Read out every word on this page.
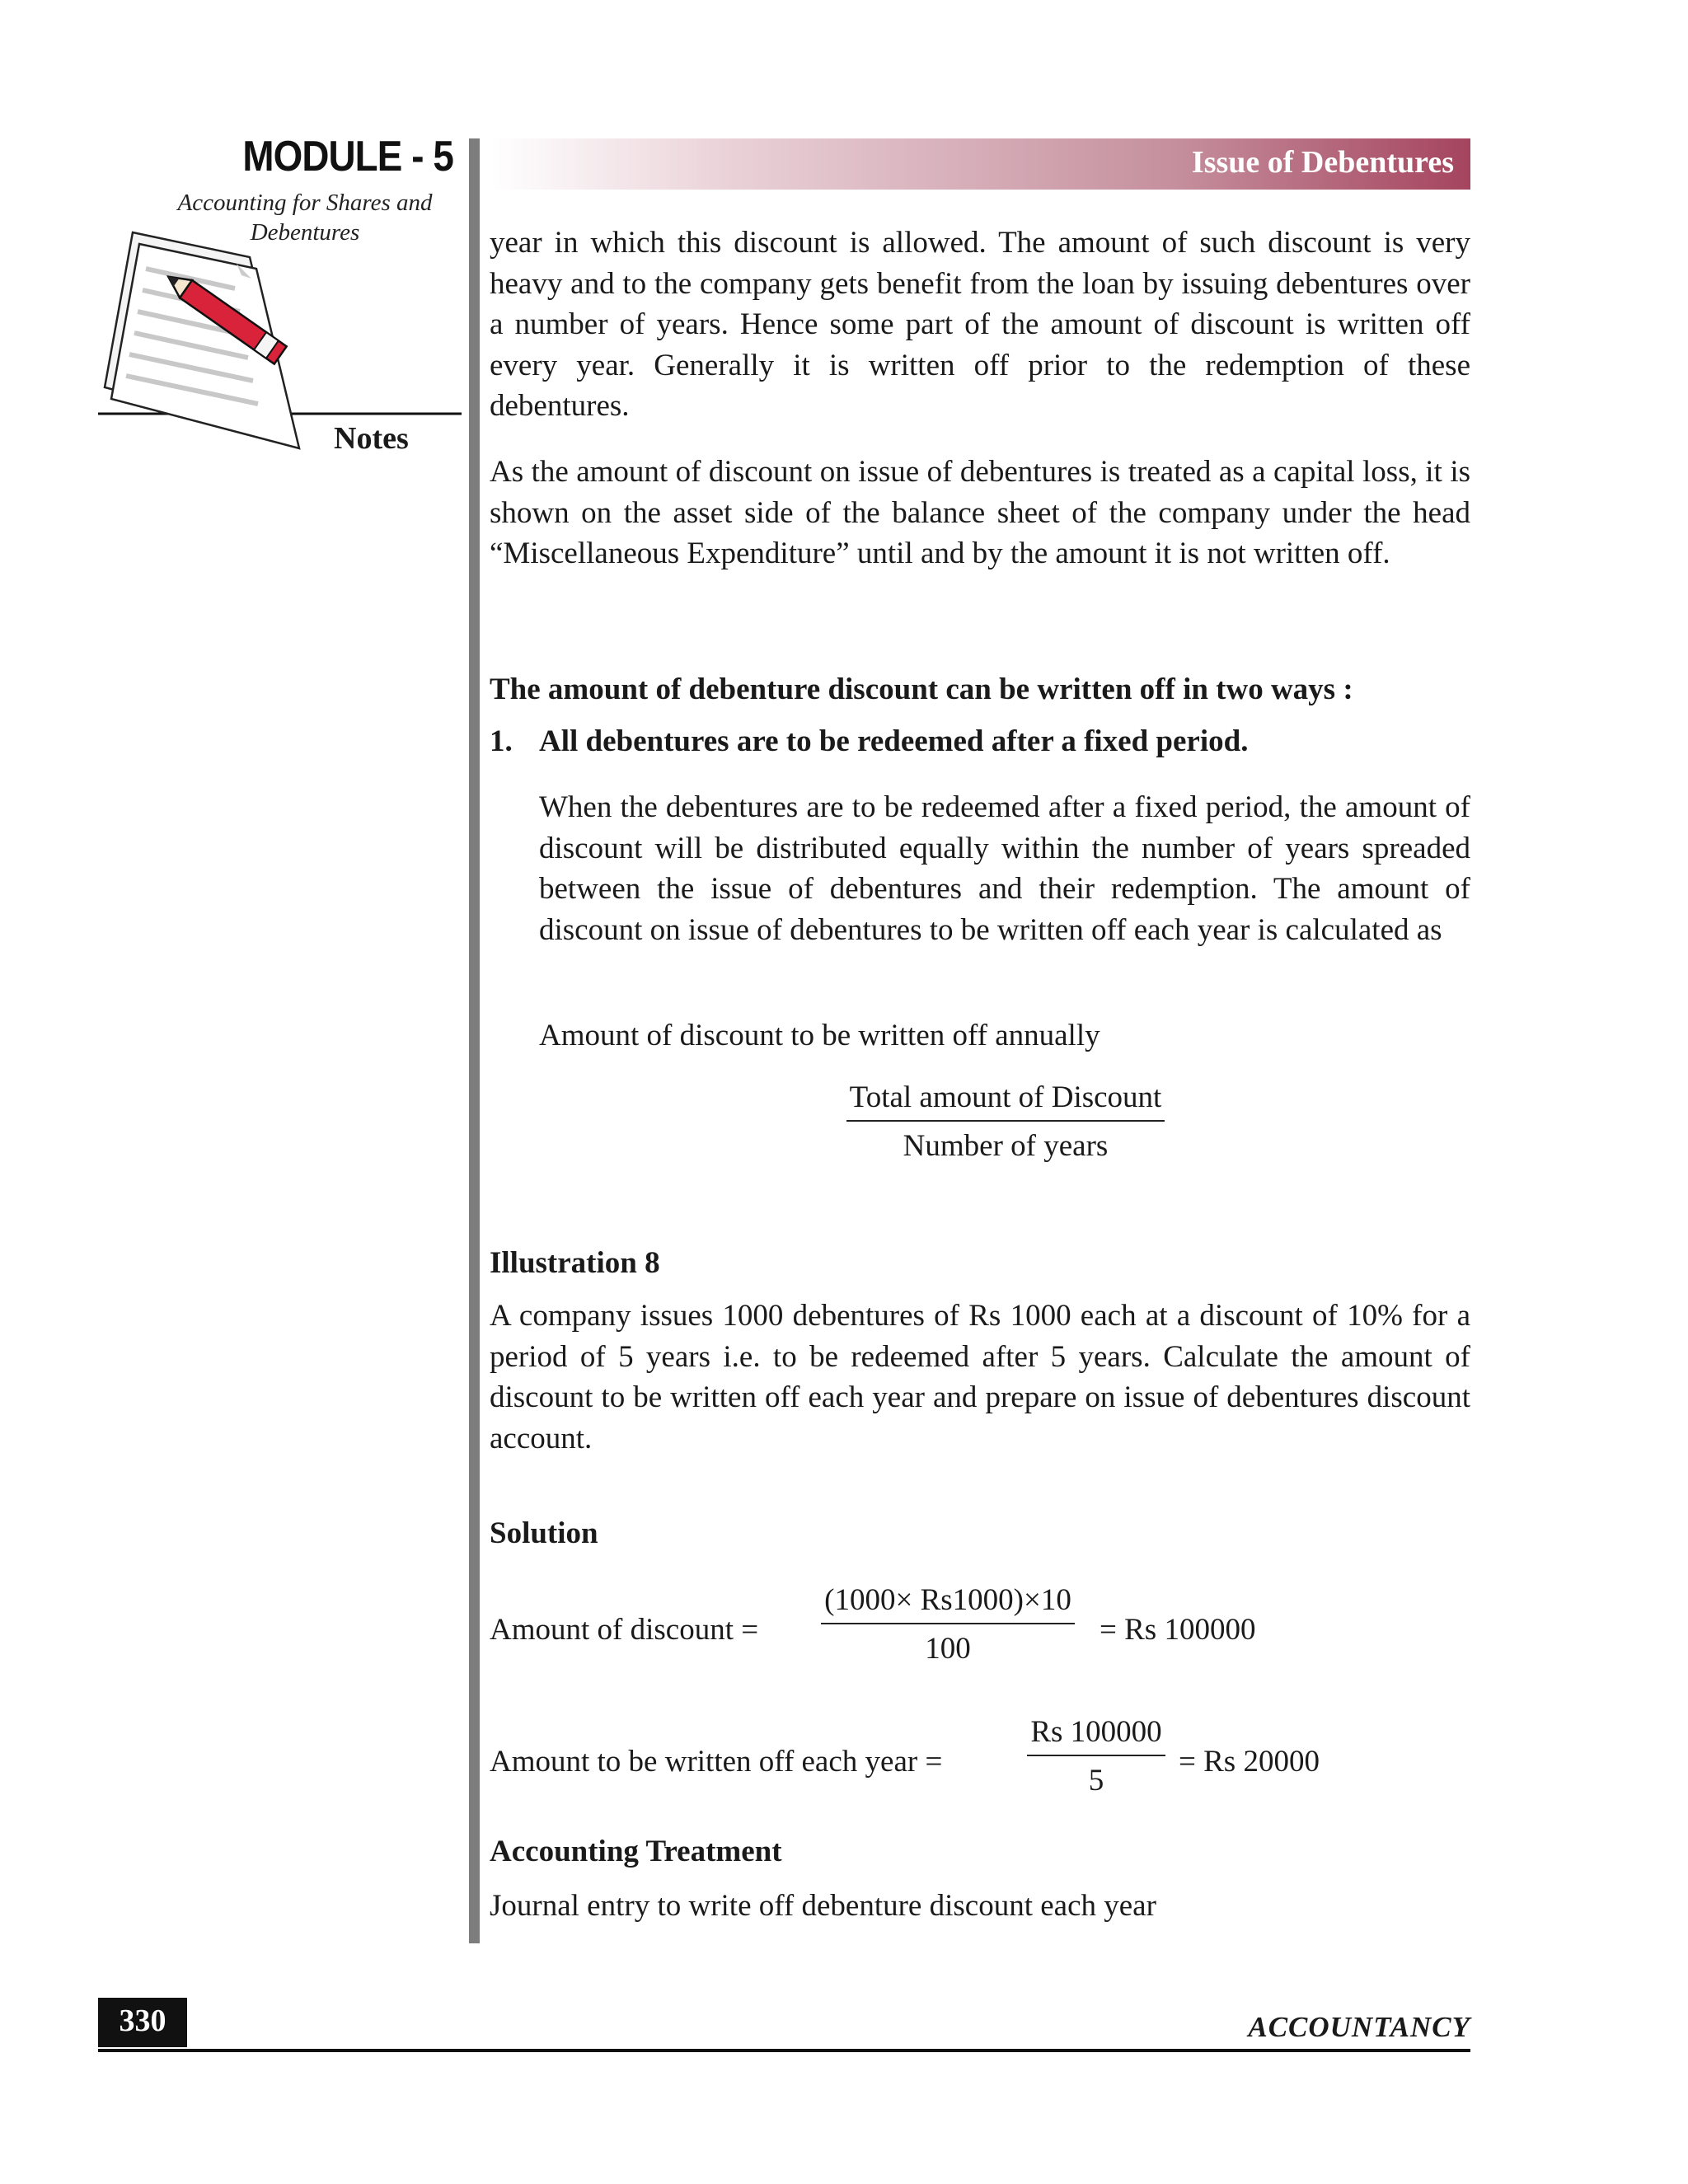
MODULE - 5
Accounting for Shares and Debentures
Notes
Issue of Debentures
year in which this discount is allowed. The amount of such discount is very heavy and to the company gets benefit from the loan by issuing debentures over a number of years. Hence some part of the amount of discount is written off every year. Generally it is written off prior to the redemption of these debentures.
As the amount of discount on issue of debentures is treated as a capital loss, it is shown on the asset side of the balance sheet of the company under the head “Miscellaneous Expenditure” until and by the amount it is not written off.
The amount of debenture discount can be written off in two ways :
1. All debentures are to be redeemed after a fixed period.
When the debentures are to be redeemed after a fixed period, the amount of discount will be distributed equally within the number of years spreaded between the issue of debentures and their redemption. The amount of discount on issue of debentures to be written off each year is calculated as
Amount of discount to be written off annually
Total amount of Discount
Number of years
Illustration 8
A company issues 1000 debentures of Rs 1000 each at a discount of 10% for a period of 5 years i.e. to be redeemed after 5 years. Calculate the amount of discount to be written off each year and prepare on issue of debentures discount account.
Solution
Amount of discount = $\frac{(1000\times Rs1000)\times 10}{100} = Rs$ 100000
Amount to be written off each year =	$\frac{Rs 100000}{5} = Rs$ 20000
Accounting Treatment
Journal entry to write off debenture discount each year
330	ACCOUNTANCY
